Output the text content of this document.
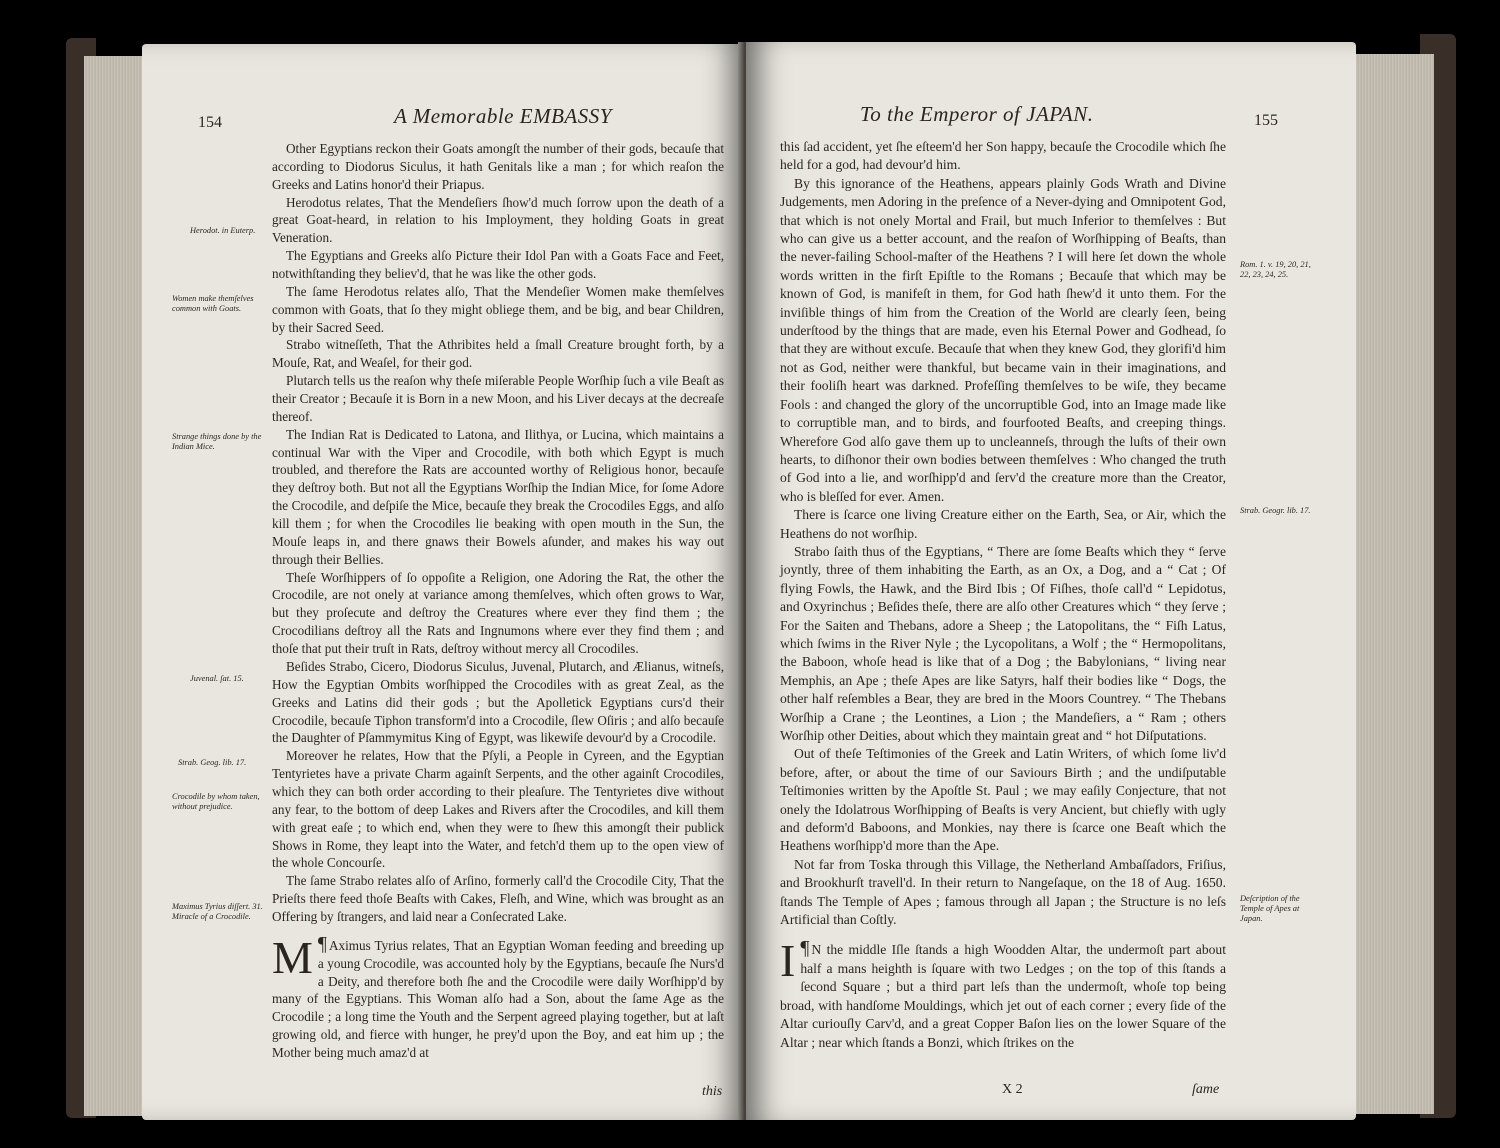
154	A Memorable EMBASSY
Herodot. in Euterp.
Women make themſelves common with Goats.
Strange things done by the Indian Mice.
Juvenal. ſat. 15.
Strab. Geog. lib. 17.
Crocodile by whom taken, without prejudice.
Maximus Tyrius diſſert. 31. Miracle of a Crocodile.

Other Egyptians reckon their Goats amongſt the number of their gods, becauſe that according to Diodorus Siculus, it hath Genitals like a man ; for which reaſon the Greeks and Latins honor'd their Priapus.

Herodotus relates, That the Mendeſiers ſhow'd much ſorrow upon the death of a great Goat-heard, in relation to his Imployment, they holding Goats in great Veneration.

The Egyptians and Greeks alſo Picture their Idol Pan with a Goats Face and Feet, notwithſtanding they believ'd, that he was like the other gods.

The ſame Herodotus relates alſo, That the Mendeſier Women make themſelves common with Goats, that ſo they might obliege them, and be big, and bear Children, by their Sacred Seed.

Strabo witneſſeth, That the Athribites held a ſmall Creature brought forth, by a Mouſe, Rat, and Weaſel, for their god.

Plutarch tells us the reaſon why theſe miſerable People Worſhip ſuch a vile Beaſt as their Creator ; Becauſe it is Born in a new Moon, and his Liver decays at the decreaſe thereof.

The Indian Rat is Dedicated to Latona, and Ilithya, or Lucina, which maintains a continual War with the Viper and Crocodile, with both which Egypt is much troubled, and therefore the Rats are accounted worthy of Religious honor, becauſe they deſtroy both. But not all the Egyptians Worſhip the Indian Mice, for ſome Adore the Crocodile, and deſpiſe the Mice, becauſe they break the Crocodiles Eggs, and alſo kill them ; for when the Crocodiles lie beaking with open mouth in the Sun, the Mouſe leaps in, and there gnaws their Bowels aſunder, and makes his way out through their Bellies.

Theſe Worſhippers of ſo oppoſite a Religion, one Adoring the Rat, the other the Crocodile, are not onely at variance among themſelves, which often grows to War, but they proſecute and deſtroy the Creatures where ever they find them ; the Crocodilians deſtroy all the Rats and Ingnumons where ever they find them ; and thoſe that put their truſt in Rats, deſtroy without mercy all Crocodiles.

Beſides Strabo, Cicero, Diodorus Siculus, Juvenal, Plutarch, and Ælianus, witneſs, How the Egyptian Ombits worſhipped the Crocodiles with as great Zeal, as the Greeks and Latins did their gods ; but the Apolletick Egyptians curs'd their Crocodile, becauſe Tiphon transform'd into a Crocodile, ſlew Oſiris ; and alſo becauſe the Daughter of Pſammymitus King of Egypt, was likewiſe devour'd by a Crocodile.

Moreover he relates, How that the Pſyli, a People in Cyreen, and the Egyptian Tentyrietes have a private Charm againſt Serpents, and the other againſt Crocodiles, which they can both order according to their pleaſure. The Tentyrietes dive without any fear, to the bottom of deep Lakes and Rivers after the Crocodiles, and kill them with great eaſe ; to which end, when they were to ſhew this amongſt their publick Shows in Rome, they leapt into the Water, and fetch'd them up to the open view of the whole Concourſe.

The ſame Strabo relates alſo of Arſino, formerly call'd the Crocodile City, That the Prieſts there feed thoſe Beaſts with Cakes, Fleſh, and Wine, which was brought as an Offering by ſtrangers, and laid near a Conſecrated Lake.

¶
M Aximus Tyrius relates, That an Egyptian Woman feeding and breeding up a young Crocodile, was accounted holy by the Egyptians, becauſe ſhe Nurs'd a Deity, and therefore both ſhe and the Crocodile were daily Worſhipp'd by many of the Egyptians. This Woman alſo had a Son, about the ſame Age as the Crocodile ; a long time the Youth and the Serpent agreed playing together, but at laſt growing old, and fierce with hunger, he prey'd upon the Boy, and eat him up ; the Mother being much amaz'd at

this
To the Emperor of JAPAN.	155

this ſad accident, yet ſhe eſteem'd her Son happy, becauſe the Crocodile which ſhe held for a god, had devour'd him.

By this ignorance of the Heathens, appears plainly Gods Wrath and Divine Judgements, men Adoring in the preſence of a Never-dying and Omnipotent God, that which is not onely Mortal and Frail, but much Inferior to themſelves : But who can give us a better account, and the reaſon of Worſhipping of Beaſts, than the never-failing School-maſter of the Heathens ? I will here ſet down the whole words written in the firſt Epiſtle to the Romans ; Becauſe that which may be known of God, is manifeſt in them, for God hath ſhew'd it unto them. For the inviſible things of him from the Creation of the World are clearly ſeen, being underſtood by the things that are made, even his Eternal Power and Godhead, ſo that they are without excuſe. Becauſe that when they knew God, they glorifi'd him not as God, neither were thankful, but became vain in their imaginations, and their fooliſh heart was darkned. Profeſſing themſelves to be wiſe, they became Fools : and changed the glory of the uncorruptible God, into an Image made like to corruptible man, and to birds, and fourfooted Beaſts, and creeping things. Wherefore God alſo gave them up to uncleanneſs, through the luſts of their own hearts, to diſhonor their own bodies between themſelves : Who changed the truth of God into a lie, and worſhipp'd and ſerv'd the creature more than the Creator, who is bleſſed for ever. Amen.

There is ſcarce one living Creature either on the Earth, Sea, or Air, which the Heathens do not worſhip.

Strabo ſaith thus of the Egyptians, “ There are ſome Beaſts which they “ ſerve joyntly, three of them inhabiting the Earth, as an Ox, a Dog, and a “ Cat ; Of flying Fowls, the Hawk, and the Bird Ibis ; Of Fiſhes, thoſe call'd “ Lepidotus, and Oxyrinchus ; Beſides theſe, there are alſo other Creatures which “ they ſerve ; For the Saiten and Thebans, adore a Sheep ; the Latopolitans, the “ Fiſh Latus, which ſwims in the River Nyle ; the Lycopolitans, a Wolf ; the “ Hermopolitans, the Baboon, whoſe head is like that of a Dog ; the Babylonians, “ living near Memphis, an Ape ; theſe Apes are like Satyrs, half their bodies like “ Dogs, the other half reſembles a Bear, they are bred in the Moors Countrey. “ The Thebans Worſhip a Crane ; the Leontines, a Lion ; the Mandeſiers, a “ Ram ; others Worſhip other Deities, about which they maintain great and “ hot Diſputations.

Out of theſe Teſtimonies of the Greek and Latin Writers, of which ſome liv'd before, after, or about the time of our Saviours Birth ; and the undiſputable Teſtimonies written by the Apoſtle St. Paul ; we may eaſily Conjecture, that not onely the Idolatrous Worſhipping of Beaſts is very Ancient, but chiefly with ugly and deform'd Baboons, and Monkies, nay there is ſcarce one Beaſt which the Heathens worſhipp'd more than the Ape.

Not far from Toska through this Village, the Netherland Ambaſſadors, Friſius, and Brookhurſt travell'd. In their return to Nangeſaque, on the 18 of Aug. 1650. ſtands The Temple of Apes ; famous through all Japan ; the Structure is no leſs Artificial than Coſtly.

¶
I N the middle Iſle ſtands a high Woodden Altar, the undermoſt part about half a mans heighth is ſquare with two Ledges ; on the top of this ſtands a ſecond Square ; but a third part leſs than the undermoſt, whoſe top being broad, with handſome Mouldings, which jet out of each corner ; every ſide of the Altar curiouſly Carv'd, and a great Copper Baſon lies on the lower Square of the Altar ; near which ſtands a Bonzi, which ſtrikes on the

Rom. 1. v. 19, 20, 21, 22, 23, 24, 25.
Strab. Geogr. lib. 17.
Deſcription of the Temple of Apes at Japan.
X 2	ſame
